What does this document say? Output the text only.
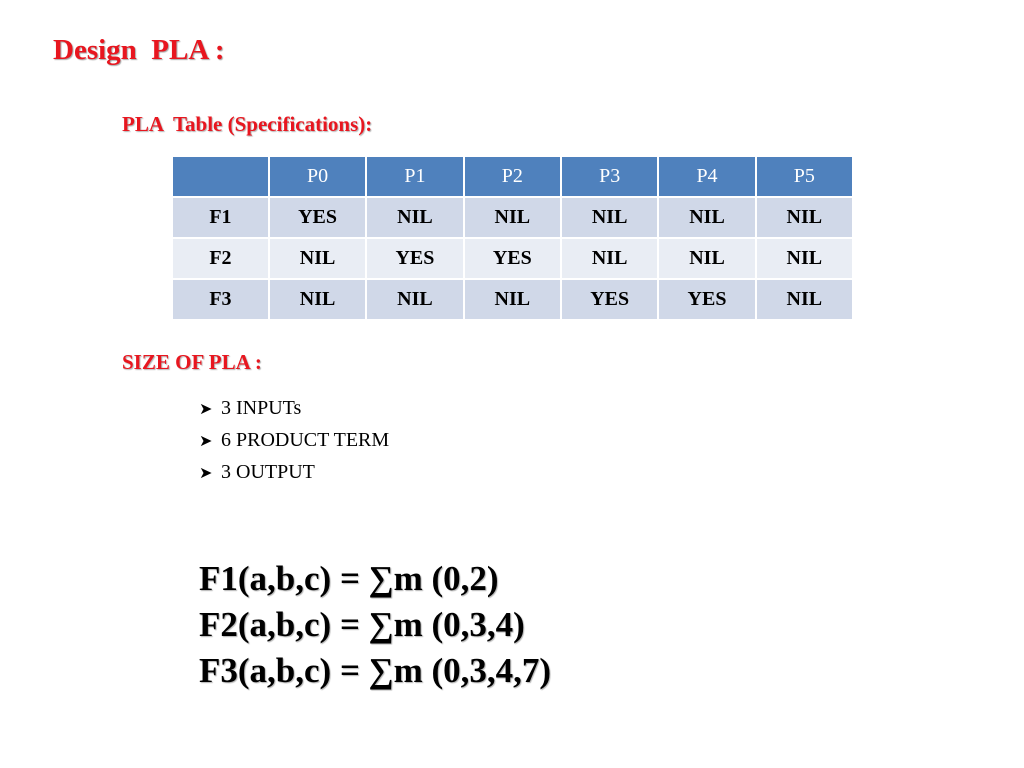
Design  PLA :
PLA  Table (Specifications):
	P0	P1	P2	P3	P4	P5
F1	YES	NIL	NIL	NIL	NIL	NIL
F2	NIL	YES	YES	NIL	NIL	NIL
F3	NIL	NIL	NIL	YES	YES	NIL
SIZE OF PLA :
➤ 3 INPUTs
➤ 6 PRODUCT TERM
➤ 3 OUTPUT
F1(a,b,c) = ∑m (0,2)
F2(a,b,c) = ∑m (0,3,4)
F3(a,b,c) = ∑m (0,3,4,7)
